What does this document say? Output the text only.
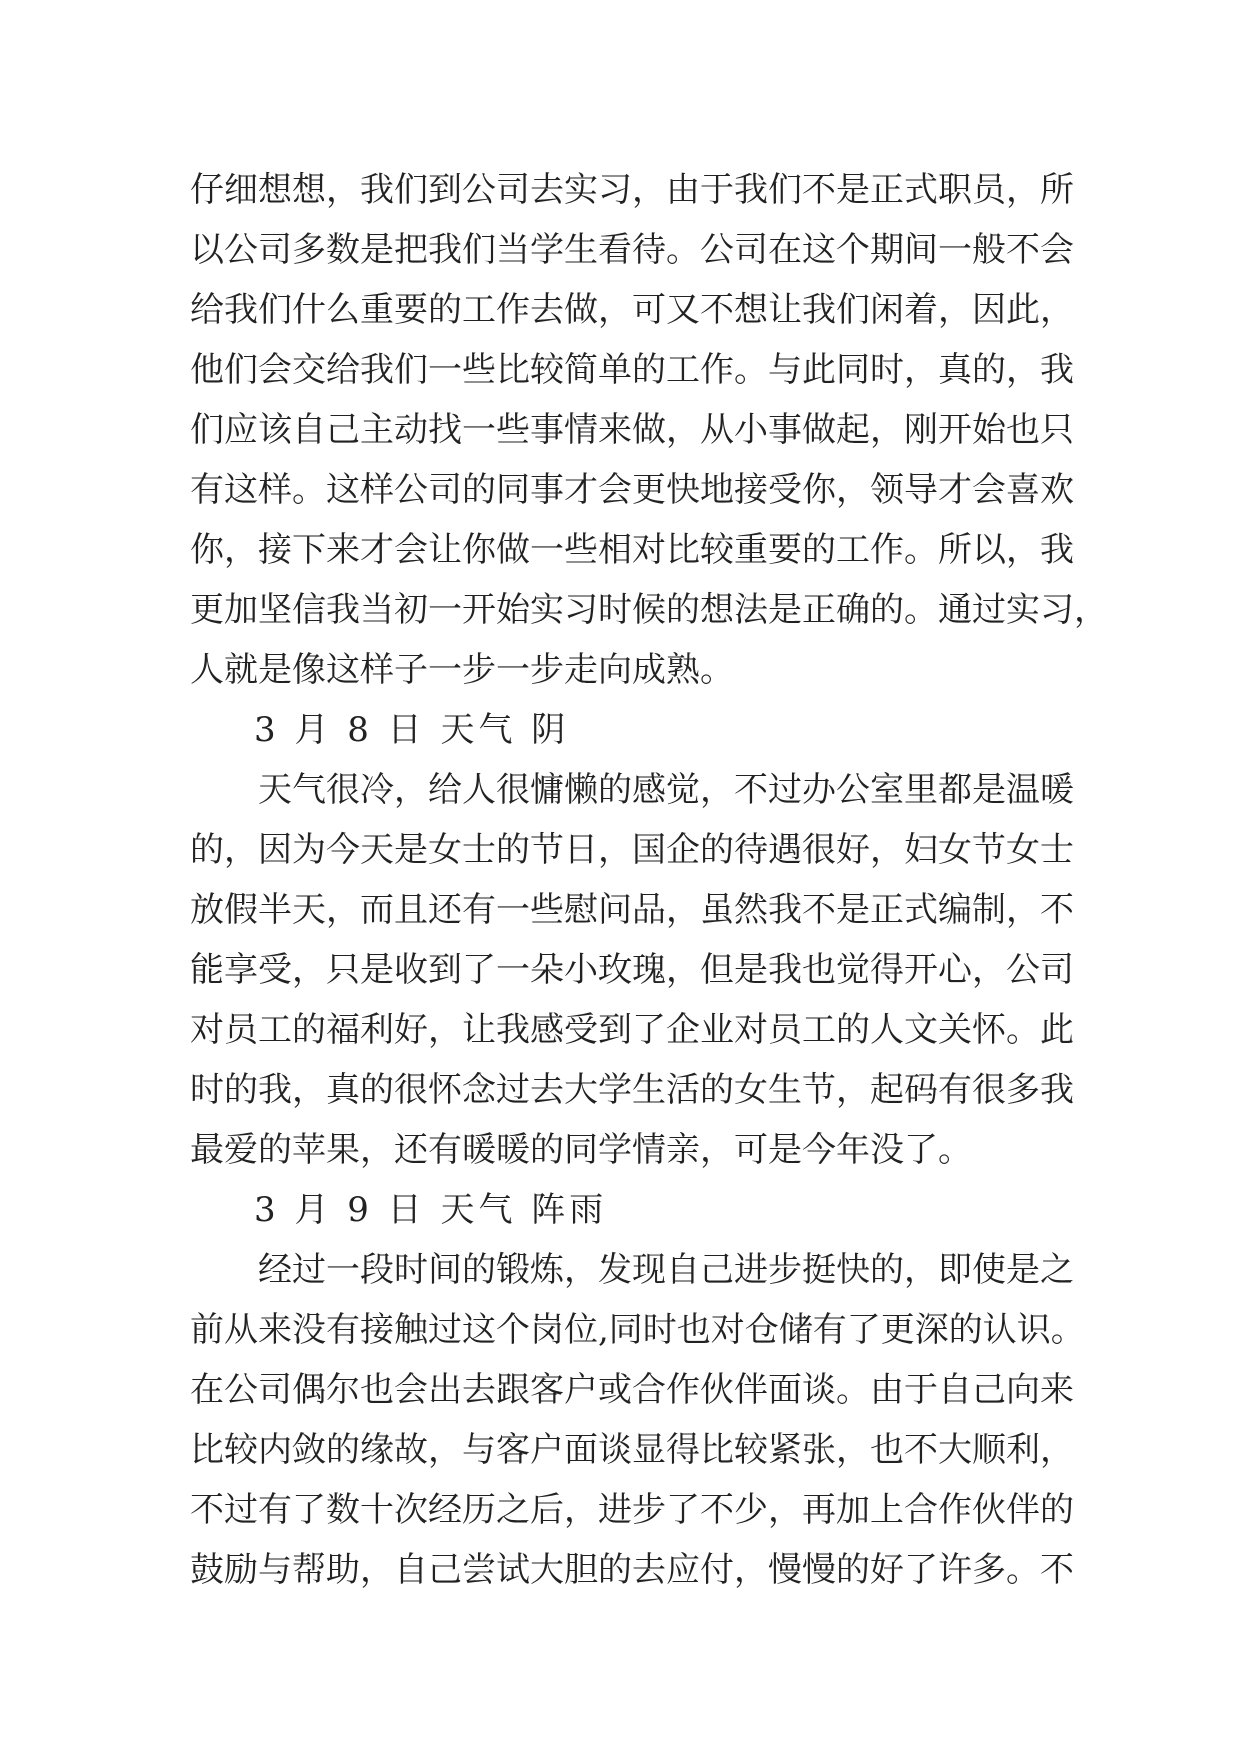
仔细想想，我们到公司去实习，由于我们不是正式职员，所
以公司多数是把我们当学生看待。公司在这个期间一般不会
给我们什么重要的工作去做，可又不想让我们闲着，因此，
他们会交给我们一些比较简单的工作。与此同时，真的，我
们应该自己主动找一些事情来做，从小事做起，刚开始也只
有这样。这样公司的同事才会更快地接受你，领导才会喜欢
你，接下来才会让你做一些相对比较重要的工作。所以，我
更加坚信我当初一开始实习时候的想法是正确的。通过实习，
人就是像这样子一步一步走向成熟。
3 月 8 日 天气 阴
天气很冷，给人很慵懒的感觉，不过办公室里都是温暖
的，因为今天是女士的节日，国企的待遇很好，妇女节女士
放假半天，而且还有一些慰问品，虽然我不是正式编制，不
能享受，只是收到了一朵小玫瑰，但是我也觉得开心，公司
对员工的福利好，让我感受到了企业对员工的人文关怀。此
时的我，真的很怀念过去大学生活的女生节，起码有很多我
最爱的苹果，还有暖暖的同学情亲，可是今年没了。
3 月 9 日 天气 阵雨
经过一段时间的锻炼，发现自己进步挺快的，即使是之
前从来没有接触过这个岗位,同时也对仓储有了更深的认识。
在公司偶尔也会出去跟客户或合作伙伴面谈。由于自己向来
比较内敛的缘故，与客户面谈显得比较紧张，也不大顺利，
不过有了数十次经历之后，进步了不少，再加上合作伙伴的
鼓励与帮助，自己尝试大胆的去应付，慢慢的好了许多。不
